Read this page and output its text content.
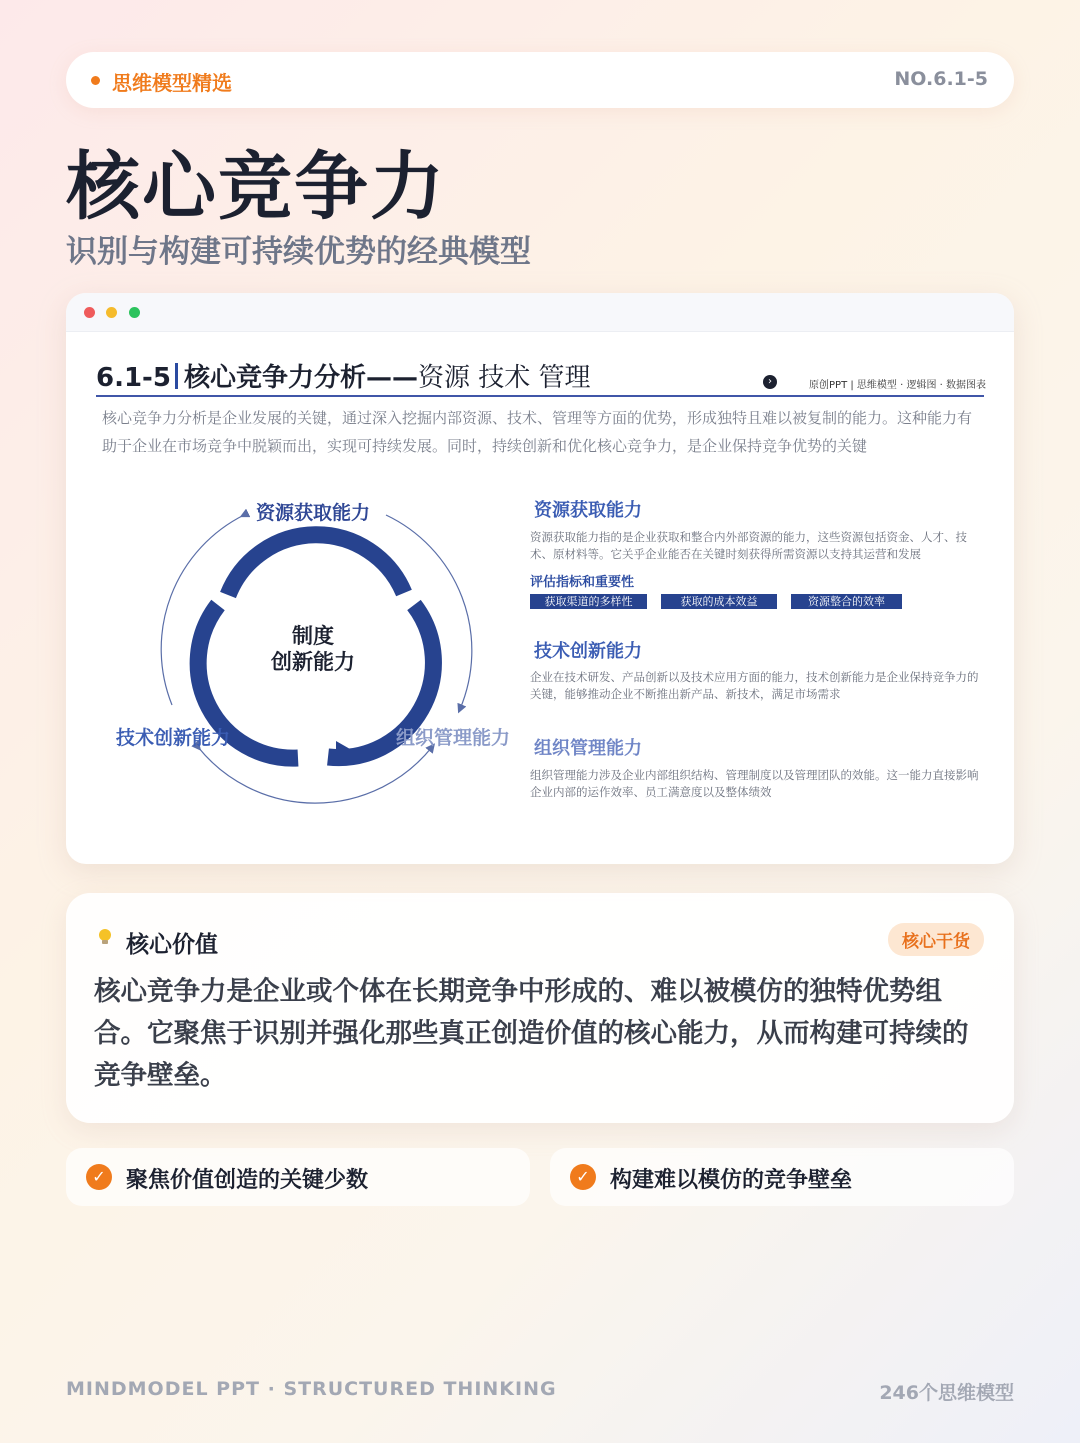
思维模型精选	NO.6.1-5
核心竞争力
识别与构建可持续优势的经典模型
6.1-5 核心竞争力分析——资源 技术 管理	›	原创PPT | 思维模型 · 逻辑图 · 数据图表
核心竞争力分析是企业发展的关键，通过深入挖掘内部资源、技术、管理等方面的优势，形成独特且难以被复制的能力。这种能力有助于企业在市场竞争中脱颖而出，实现可持续发展。同时，持续创新和优化核心竞争力，是企业保持竞争优势的关键
制度
创新能力
资源获取能力
技术创新能力	组织管理能力
资源获取能力
资源获取能力指的是企业获取和整合内外部资源的能力，这些资源包括资金、人才、技术、原材料等。它关乎企业能否在关键时刻获得所需资源以支持其运营和发展
评估指标和重要性
获取渠道的多样性	获取的成本效益	资源整合的效率
技术创新能力
企业在技术研发、产品创新以及技术应用方面的能力，技术创新能力是企业保持竞争力的关键，能够推动企业不断推出新产品、新技术，满足市场需求
组织管理能力
组织管理能力涉及企业内部组织结构、管理制度以及管理团队的效能。这一能力直接影响企业内部的运作效率、员工满意度以及整体绩效
核心价值	核心干货
核心竞争力是企业或个体在长期竞争中形成的、难以被模仿的独特优势组合。它聚焦于识别并强化那些真正创造价值的核心能力，从而构建可持续的竞争壁垒。
✓ 聚焦价值创造的关键少数	✓ 构建难以模仿的竞争壁垒
MINDMODEL PPT · STRUCTURED THINKING	246个思维模型
